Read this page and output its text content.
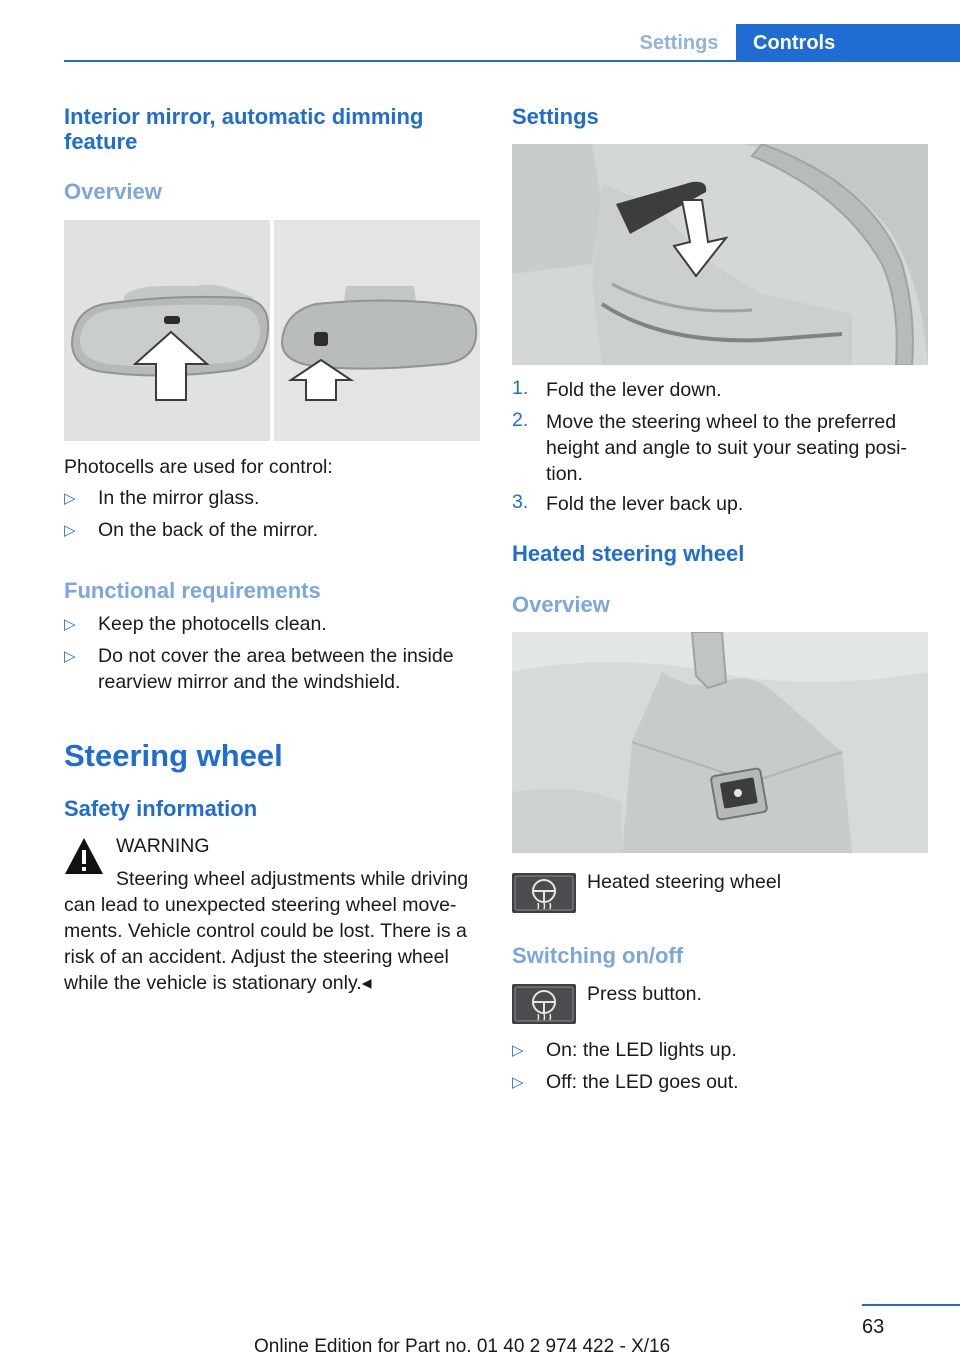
Settings	Controls
Interior mirror, automatic dimming feature
Overview
Photocells are used for control:
▷ In the mirror glass.
▷ On the back of the mirror.
Functional requirements
▷ Keep the photocells clean.
▷ Do not cover the area between the inside rearview mirror and the windshield.
Steering wheel
Safety information
WARNING
Steering wheel adjustments while driving can lead to unexpected steering wheel movements. Vehicle control could be lost. There is a risk of an accident. Adjust the steering wheel while the vehicle is stationary only.◂
Settings
1. Fold the lever down.
2. Move the steering wheel to the preferred height and angle to suit your seating position.
3. Fold the lever back up.
Heated steering wheel
Overview
Heated steering wheel
Switching on/off
Press button.
▷ On: the LED lights up.
▷ Off: the LED goes out.
63
Online Edition for Part no. 01 40 2 974 422 - X/16
